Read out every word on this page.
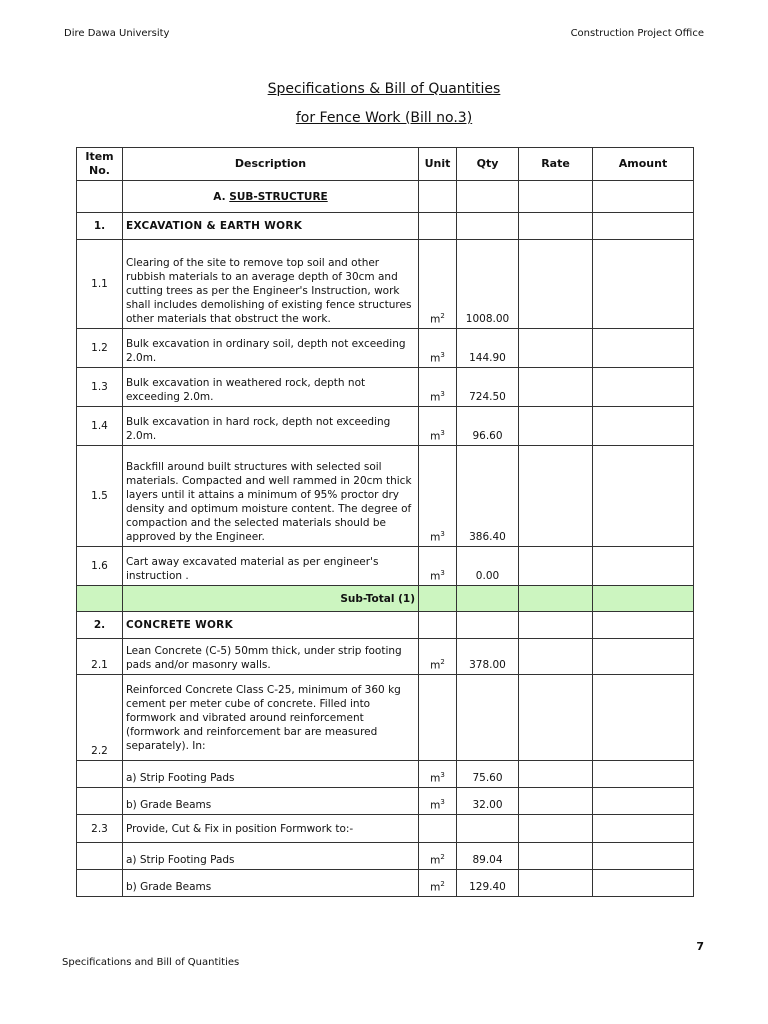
Dire Dawa University	Construction Project Office
Specifications & Bill of Quantities
for Fence Work (Bill no.3)
Item No.	Description	Unit	Qty	Rate	Amount
	A. SUB-STRUCTURE				
1.	EXCAVATION & EARTH WORK				
1.1	Clearing of the site to remove top soil and other rubbish materials to an average depth of 30cm and cutting trees as per the Engineer's Instruction, work shall includes demolishing of existing fence structures other materials that obstruct the work.	$m^2$	1008.00		
1.2	Bulk excavation in ordinary soil, depth not exceeding 2.0m.	$m^3$	144.90		
1.3	Bulk excavation in weathered rock, depth not exceeding 2.0m.	$m^3$	724.50		
1.4	Bulk excavation in hard rock, depth not exceeding 2.0m.	$m^3$	96.60		
1.5	Backfill around built structures with selected soil materials. Compacted and well rammed in 20cm thick layers until it attains a minimum of 95% proctor dry density and optimum moisture content. The degree of compaction and the selected materials should be approved by the Engineer.	$m^3$	386.40		
1.6	Cart away excavated material as per engineer's instruction .	$m^3$	0.00		
	Sub-Total (1)				
2.	CONCRETE WORK				
2.1	Lean Concrete (C-5) 50mm thick, under strip footing pads and/or masonry walls.	$m^2$	378.00		
2.2	Reinforced Concrete Class C-25, minimum of 360 kg cement per meter cube of concrete. Filled into formwork and vibrated around reinforcement (formwork and reinforcement bar are measured separately). In:				
	a) Strip Footing Pads	$m^3$	75.60		
	b) Grade Beams	$m^3$	32.00		
2.3	Provide, Cut & Fix in position Formwork to:-				
	a) Strip Footing Pads	$m^2$	89.04		
	b) Grade Beams	$m^2$	129.40		
7
Specifications and Bill of Quantities
